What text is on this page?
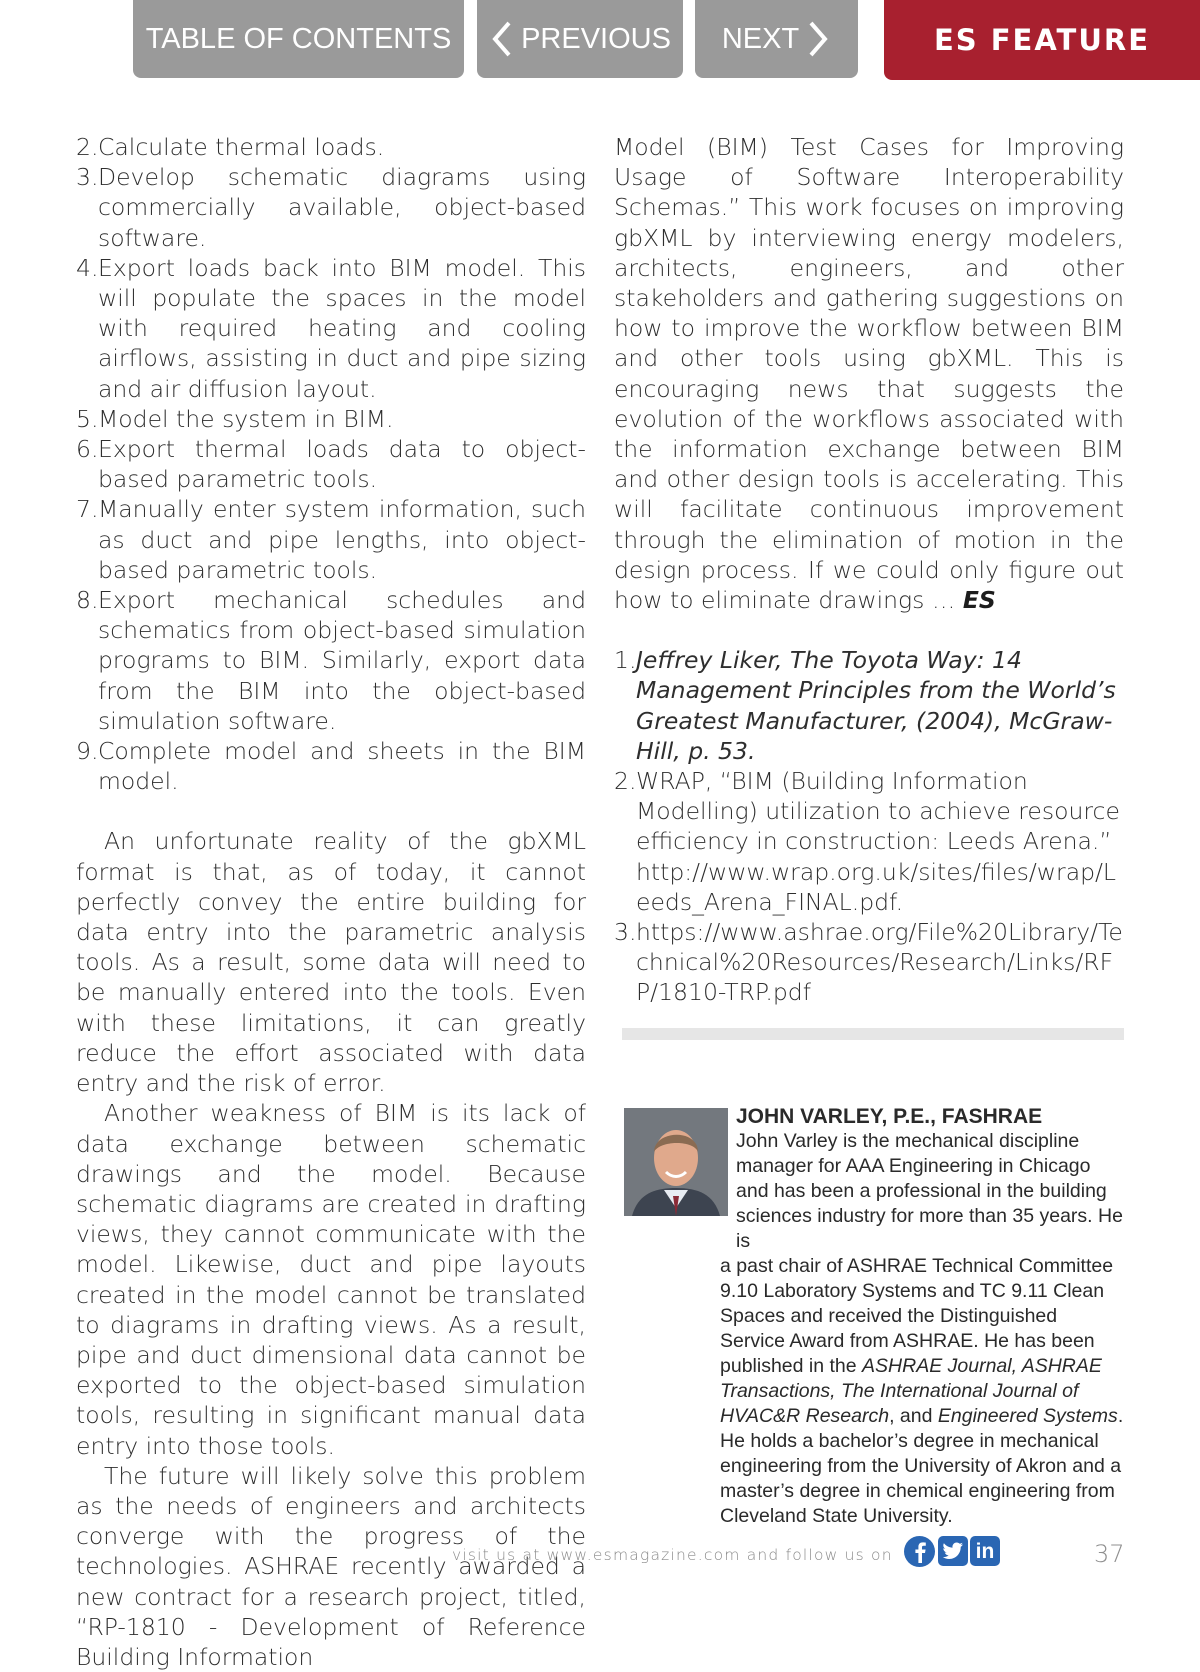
TABLE OF CONTENTS PREVIOUS NEXT	ES FEATURE
2. Calculate thermal loads.
3. Develop schematic diagrams using commercially available, object-based software.
4. Export loads back into BIM model. This will populate the spaces in the model with required heating and cooling airflows, assisting in duct and pipe sizing and air diffusion layout.
5. Model the system in BIM.
6. Export thermal loads data to object-based parametric tools.
7. Manually enter system information, such as duct and pipe lengths, into object-based parametric tools.
8. Export mechanical schedules and schematics from object-based simulation programs to BIM. Similarly, export data from the BIM into the object-based simulation software.
9. Complete model and sheets in the BIM model.

An unfortunate reality of the gbXML format is that, as of today, it cannot perfectly convey the entire building for data entry into the parametric analysis tools. As a result, some data will need to be manually entered into the tools. Even with these limitations, it can greatly reduce the effort associated with data entry and the risk of error.

Another weakness of BIM is its lack of data exchange between schematic drawings and the model. Because schematic diagrams are created in drafting views, they cannot communicate with the model. Likewise, duct and pipe layouts created in the model cannot be translated to diagrams in drafting views. As a result, pipe and duct dimensional data cannot be exported to the object-based simulation tools, resulting in significant manual data entry into those tools.

The future will likely solve this problem as the needs of engineers and architects converge with the progress of the technologies. ASHRAE recently awarded a new contract for a research project, titled, “RP-1810 - Development of Reference Building Information

Model (BIM) Test Cases for Improving Usage of Software Interoperability Schemas.” This work focuses on improving gbXML by interviewing energy modelers, architects, engineers, and other stakeholders and gathering suggestions on how to improve the workflow between BIM and other tools using gbXML. This is encouraging news that suggests the evolution of the workflows associated with the information exchange between BIM and other design tools is accelerating. This will facilitate continuous improvement through the elimination of motion in the design process. If we could only figure out how to eliminate drawings … ES

1. Jeffrey Liker, The Toyota Way: 14 Management Principles from the World’s Greatest Manufacturer, (2004), McGraw-Hill, p. 53.
2. WRAP, “BIM (Building Information Modelling) utilization to achieve resource efficiency in construction: Leeds Arena.” http://www.wrap.org.uk/sites/files/wrap/Leeds_Arena_FINAL.pdf.
3. https://www.ashrae.org/File%20Library/Technical%20Resources/Research/Links/RFP/1810-TRP.pdf
JOHN VARLEY, P.E., FASHRAE
John Varley is the mechanical discipline
manager for AAA Engineering in Chicago
and has been a professional in the building
sciences industry for more than 35 years. He is
a past chair of ASHRAE Technical Committee 9.10 Laboratory Systems and TC 9.11 Clean Spaces and received the Distinguished Service Award from ASHRAE. He has been published in the ASHRAE Journal, ASHRAE Transactions, The International Journal of HVAC&R Research, and Engineered Systems. He holds a bachelor’s degree in mechanical engineering from the University of Akron and a master’s degree in chemical engineering from Cleveland State University.
visit us at www.esmagazine.com and follow us on	in	37
